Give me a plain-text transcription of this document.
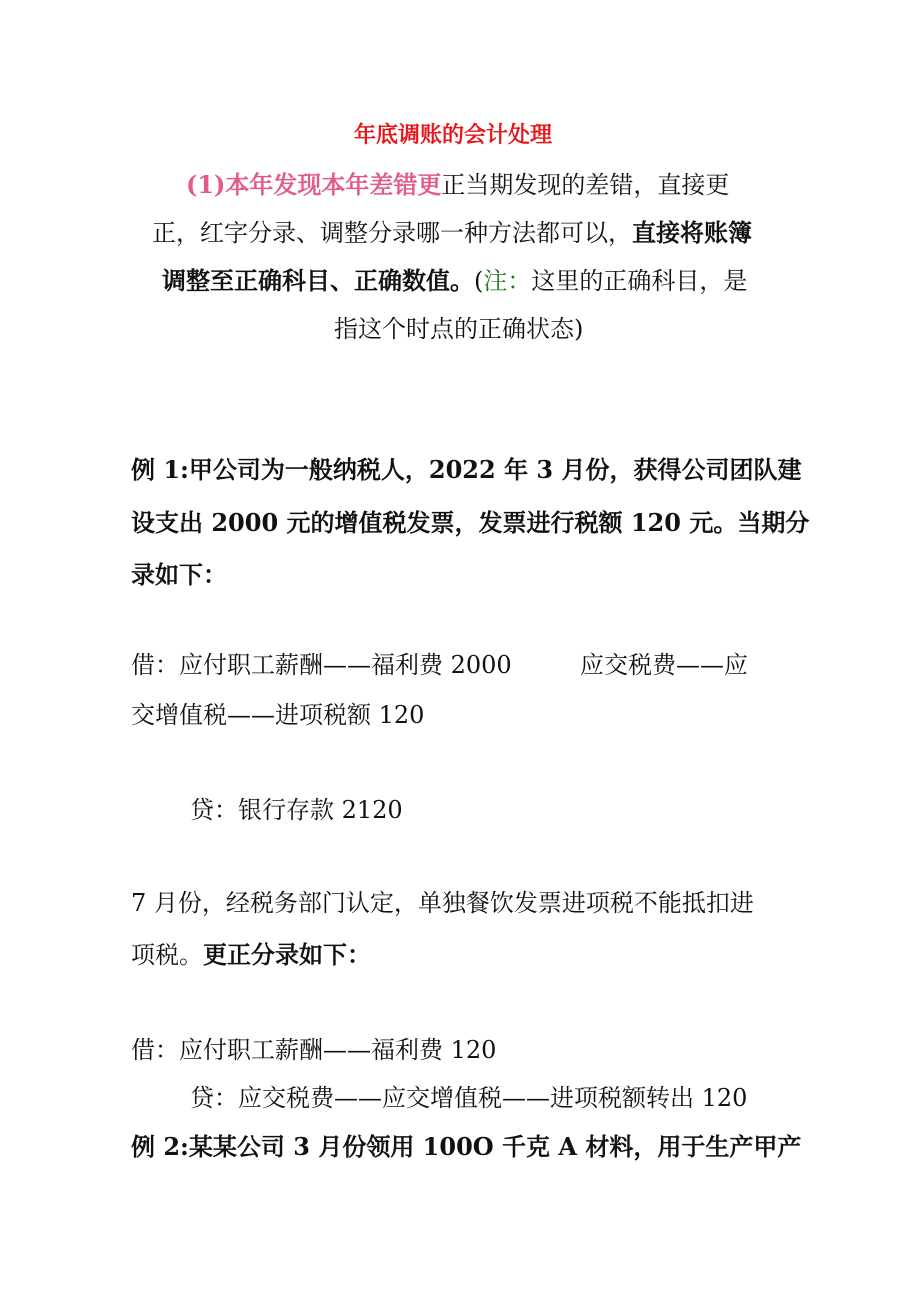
年底调账的会计处理
(1)本年发现本年差错更正当期发现的差错，直接更
正，红字分录、调整分录哪一种方法都可以，直接将账簿
调整至正确科目、正确数值。(注：这里的正确科目，是
指这个时点的正确状态)
例 1:甲公司为一般纳税人，2022 年 3 月份，获得公司团队建
设支出 2000 元的增值税发票，发票进行税额 120 元。当期分
录如下：
借：应付职工薪酬——福利费 2000	应交税费——应
交增值税——进项税额 120
贷：银行存款 2120
7 月份，经税务部门认定，单独餐饮发票进项税不能抵扣进
项税。更正分录如下：
借：应付职工薪酬——福利费 120
贷：应交税费——应交增值税——进项税额转出 120
例 2:某某公司 3 月份领用 100O 千克 A 材料，用于生产甲产
